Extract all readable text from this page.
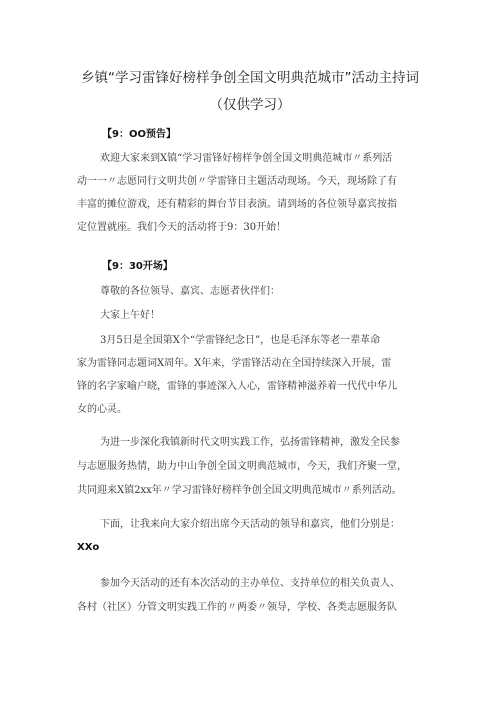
乡镇“学习雷锋好榜样争创全国文明典范城市”活动主持词
（仅供学习）
【9：OO预告】
欢迎大家来到X镇“学习雷锋好榜样争创全国文明典范城市〃系列活
动一一〃志愿同行文明共创〃学雷锋日主题活动现场。今天，现场除了有
丰富的摊位游戏，还有精彩的舞台节目表演。请到场的各位领导嘉宾按指
定位置就座。我们今天的活动将于9：30开始！
【9：30开场】
尊敬的各位领导、嘉宾、志愿者伙伴们：
大家上午好！
3月5日是全国第X个“学雷锋纪念日”，也是毛泽东等老一辈革命
家为雷锋同志题词X周年。X年来，学雷锋活动在全国持续深入开展，雷
锋的名字家喻户晓，雷锋的事迹深入人心，雷锋精神滋养着一代代中华儿
女的心灵。
为进一步深化我镇新时代文明实践工作，弘扬雷锋精神，激发全民参
与志愿服务热情，助力中山争创全国文明典范城市，今天，我们齐聚一堂，
共同迎来X镇2xx年〃学习雷锋好榜样争创全国文明典范城市〃系列活动。
下面，让我来向大家介绍出席今天活动的领导和嘉宾，他们分别是：
XXo
参加今天活动的还有本次活动的主办单位、支持单位的相关负责人、
各村（社区）分管文明实践工作的〃两委〃领导，学校、各类志愿服务队
